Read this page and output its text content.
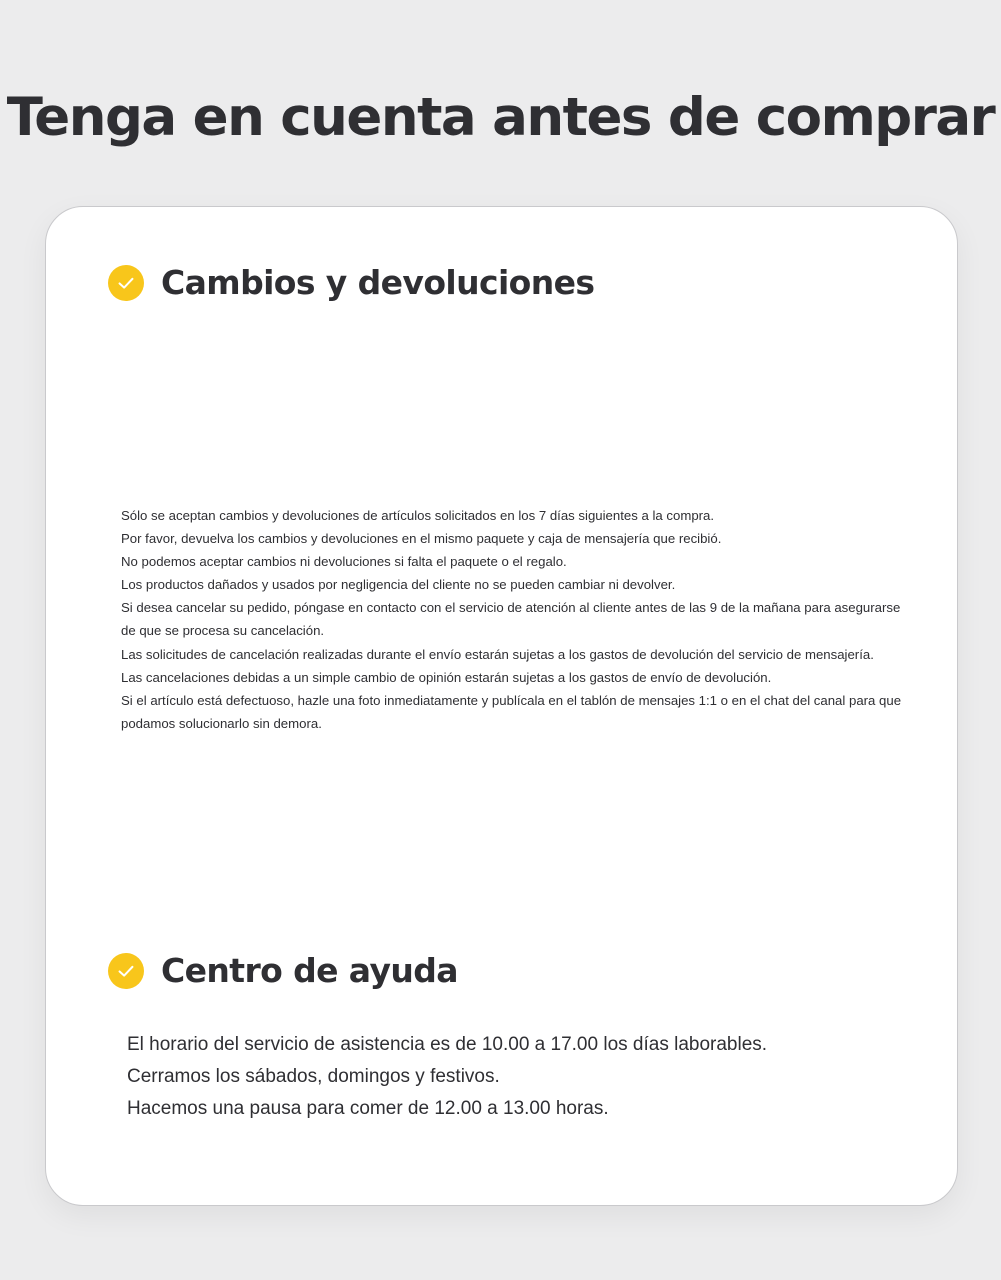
Tenga en cuenta antes de comprar
Cambios y devoluciones
Sólo se aceptan cambios y devoluciones de artículos solicitados en los 7 días siguientes a la compra.
Por favor, devuelva los cambios y devoluciones en el mismo paquete y caja de mensajería que recibió.
No podemos aceptar cambios ni devoluciones si falta el paquete o el regalo.
Los productos dañados y usados por negligencia del cliente no se pueden cambiar ni devolver.
Si desea cancelar su pedido, póngase en contacto con el servicio de atención al cliente antes de las 9 de la mañana para asegurarse de que se procesa su cancelación.
Las solicitudes de cancelación realizadas durante el envío estarán sujetas a los gastos de devolución del servicio de mensajería.
Las cancelaciones debidas a un simple cambio de opinión estarán sujetas a los gastos de envío de devolución.
Si el artículo está defectuoso, hazle una foto inmediatamente y publícala en el tablón de mensajes 1:1 o en el chat del canal para que podamos solucionarlo sin demora.
Centro de ayuda
El horario del servicio de asistencia es de 10.00 a 17.00 los días laborables.
Cerramos los sábados, domingos y festivos.
Hacemos una pausa para comer de 12.00 a 13.00 horas.
